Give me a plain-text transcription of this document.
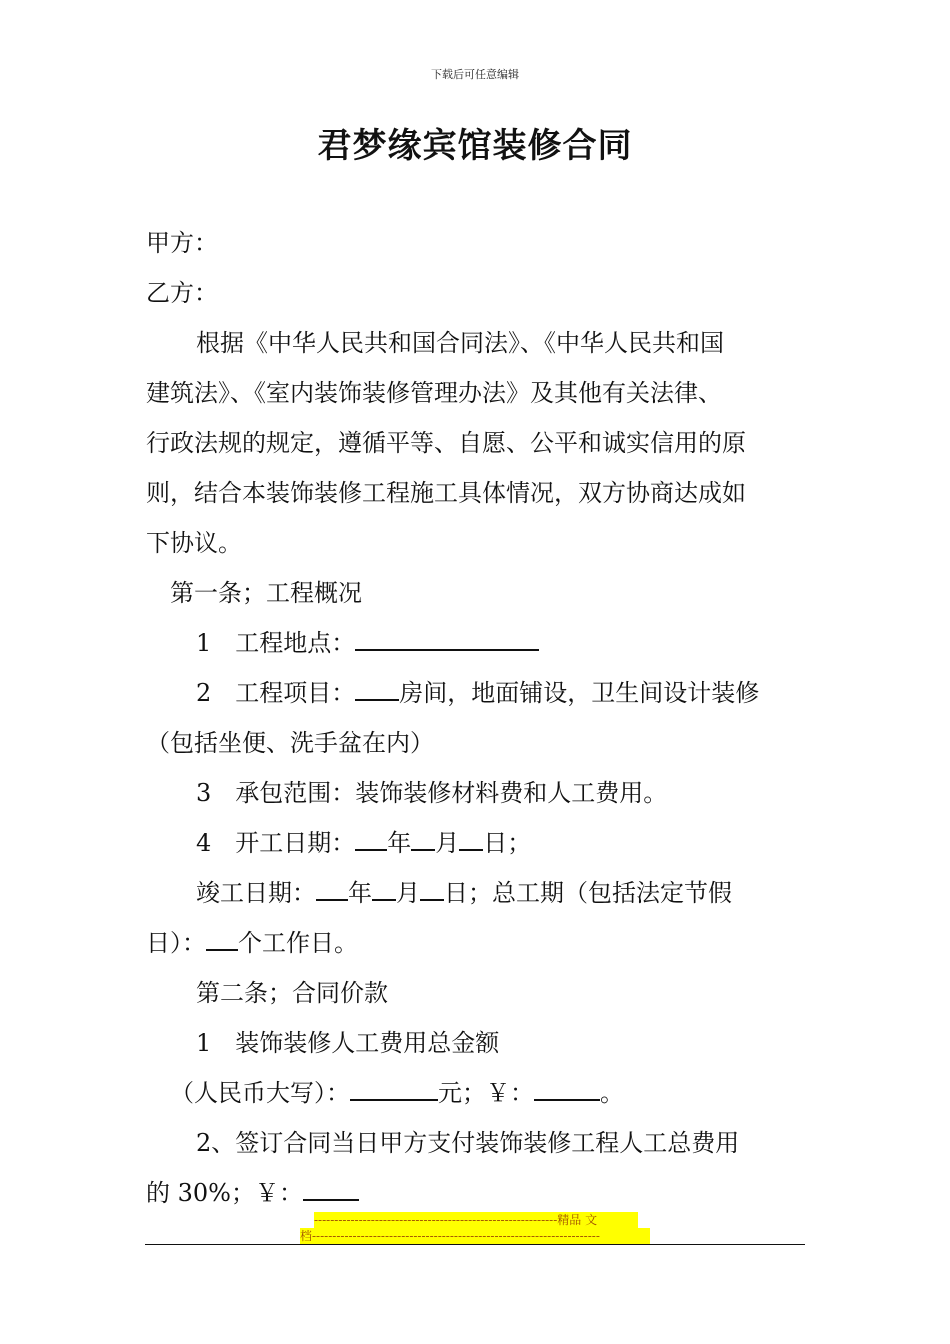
下载后可任意编辑
君梦缘宾馆装修合同
甲方：
乙方：
根据《中华人民共和国合同法》、《中华人民共和国
建筑法》、《室内装饰装修管理办法》及其他有关法律、
行政法规的规定，遵循平等、自愿、公平和诚实信用的原
则，结合本装饰装修工程施工具体情况，双方协商达成如
下协议。
第一条；工程概况
1　工程地点：
2　工程项目： 房间，地面铺设，卫生间设计装修
（包括坐便、洗手盆在内）
3　承包范围：装饰装修材料费和人工费用。
4　开工日期： 年 月 日；
竣工日期： 年 月 日；总工期（包括法定节假
日）： 个工作日。
第二条；合同价款
1　装饰装修人工费用总金额
（人民币大写）：	元；￥：	。
2、签订合同当日甲方支付装饰装修工程人工总费用
的 30%；￥：
------------------------------------------------------------精品 文
档-----------------------------------------------------------------------
